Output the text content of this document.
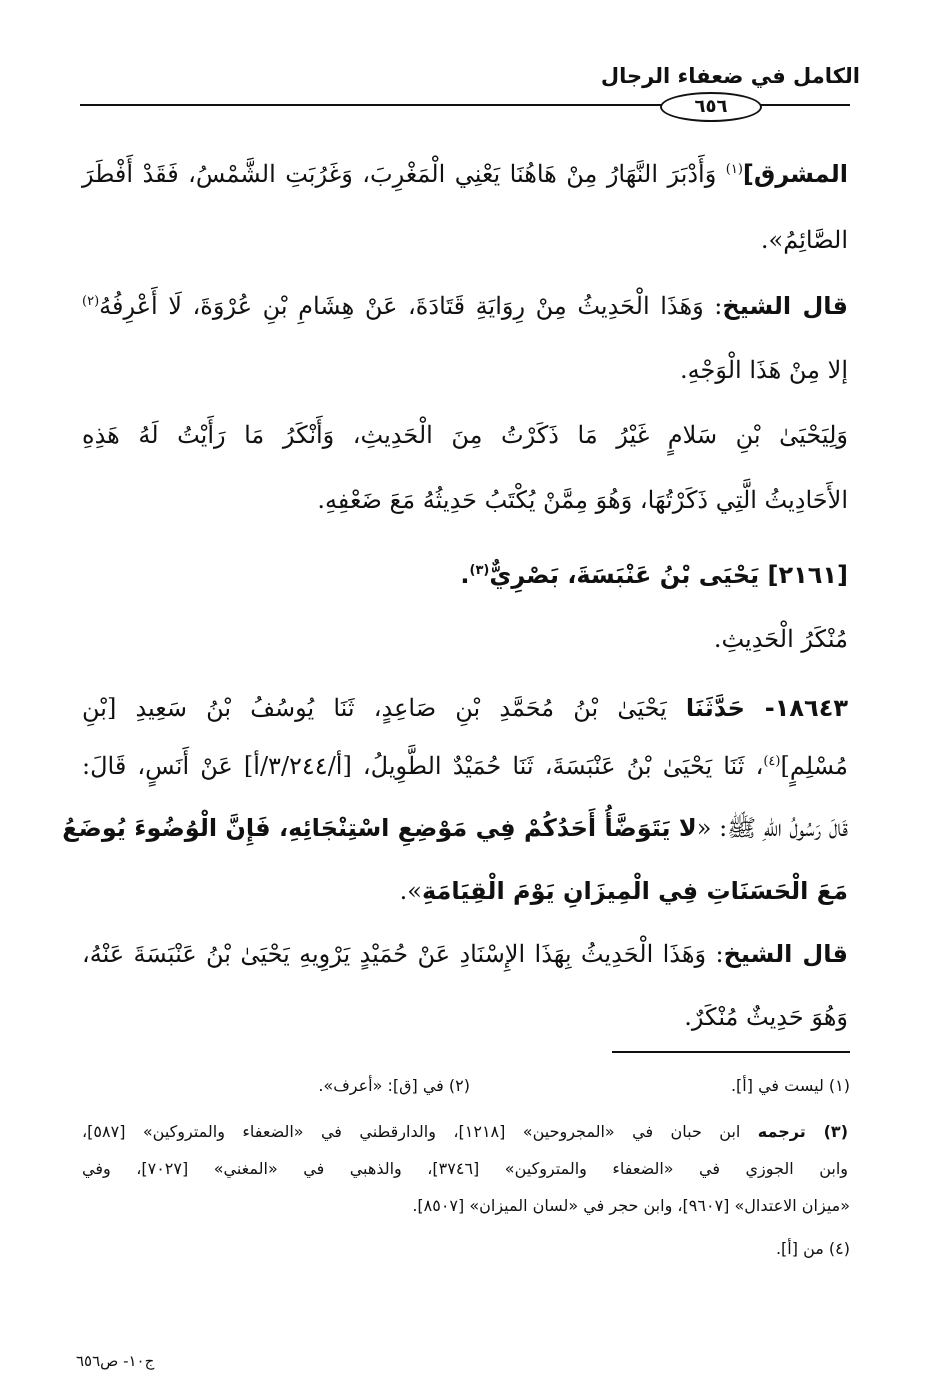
الكامل في ضعفاء الرجال
٦٥٦
المشرق]$^{(١)}$ وَأَدْبَرَ النَّهَارُ مِنْ هَاهُنَا يَعْنِي الْمَغْرِبَ، وَغَرُبَتِ الشَّمْسُ، فَقَدْ أَفْطَرَ
الصَّائِمُ».
قال الشيخ: وَهَذَا الْحَدِيثُ مِنْ رِوَايَةِ قَتَادَةَ، عَنْ هِشَامِ بْنِ عُرْوَةَ، لَا أَعْرِفُهُ$^{(٢)}$
إلا مِنْ هَذَا الْوَجْهِ.
وَلِيَحْيَىٰ بْنِ سَلامٍ غَيْرُ مَا ذَكَرْتُ مِنَ الْحَدِيثِ، وَأَنْكَرُ مَا رَأَيْتُ لَهُ هَذِهِ
الأَحَادِيثُ الَّتِي ذَكَرْتُهَا، وَهُوَ مِمَّنْ يُكْتَبُ حَدِيثُهُ مَعَ ضَعْفِهِ.
[٢١٦١] يَحْيَى بْنُ عَنْبَسَةَ، بَصْرِيٌّ$^{(٣)}$.
مُنْكَرُ الْحَدِيثِ.
١٨٦٤٣- حَدَّثَنَا يَحْيَىٰ بْنُ مُحَمَّدِ بْنِ صَاعِدٍ، ثَنَا يُوسُفُ بْنُ سَعِيدِ [بْنِ
مُسْلِمٍ]$^{(٤)}$، ثَنَا يَحْيَىٰ بْنُ عَنْبَسَةَ، ثَنَا حُمَيْدٌ الطَّوِيلُ، [أ/٣/٢٤٤/أ] عَنْ أَنَسٍ، قَالَ:
قَالَ رَسُولُ اللهِ ﷺ: «لا يَتَوَضَّأُ أَحَدُكُمْ فِي مَوْضِعِ اسْتِنْجَائِهِ، فَإِنَّ الْوُضُوءَ يُوضَعُ
مَعَ الْحَسَنَاتِ فِي الْمِيزَانِ يَوْمَ الْقِيَامَةِ».
قال الشيخ: وَهَذَا الْحَدِيثُ بِهَذَا الإِسْنَادِ عَنْ حُمَيْدٍ يَرْوِيهِ يَحْيَىٰ بْنُ عَنْبَسَةَ عَنْهُ،
وَهُوَ حَدِيثٌ مُنْكَرٌ.
(١) ليست في [أ].
(٢) في [ق]: «أعرف».
(٣) ترجمه ابن حبان في «المجروحين» [١٢١٨]، والدارقطني في «الضعفاء والمتروكين» [٥٨٧]،
وابن الجوزي في «الضعفاء والمتروكين» [٣٧٤٦]، والذهبي في «المغني» [٧٠٢٧]، وفي
«ميزان الاعتدال» [٩٦٠٧]، وابن حجر في «لسان الميزان» [٨٥٠٧].
(٤) من [أ].
ج١٠- ص٦٥٦
